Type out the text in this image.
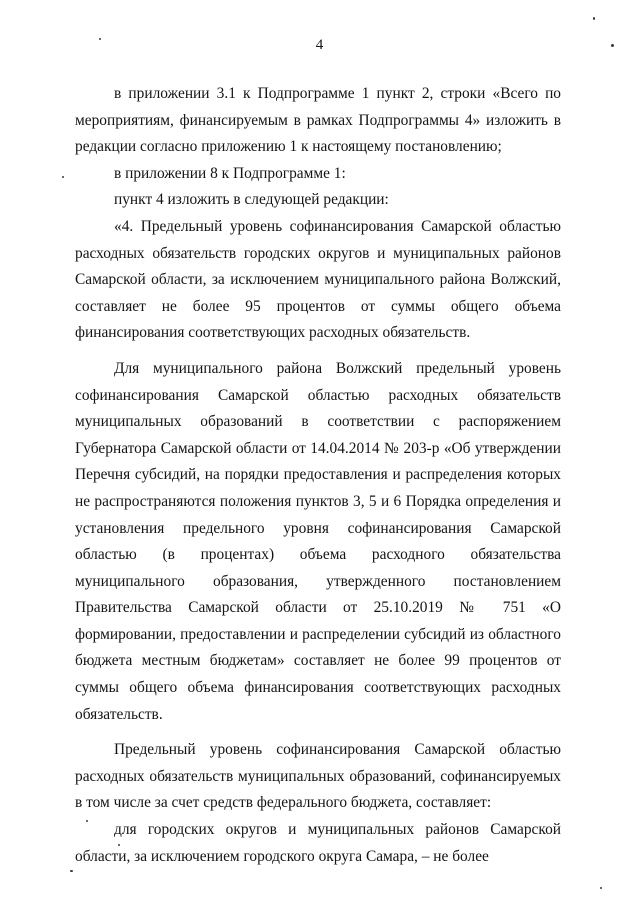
4

в приложении 3.1 к Подпрограмме 1 пункт 2, строки «Всего по мероприятиям, финансируемым в рамках Подпрограммы 4» изложить в редакции согласно приложению 1 к настоящему постановлению;

в приложении 8 к Подпрограмме 1:

пункт 4 изложить в следующей редакции:

«4. Предельный уровень софинансирования Самарской областью расходных обязательств городских округов и муниципальных районов Самарской области, за исключением муниципального района Волжский, составляет не более 95 процентов от суммы общего объема финансирования соответствующих расходных обязательств.

Для муниципального района Волжский предельный уровень софинансирования Самарской областью расходных обязательств муниципальных образований в соответствии с распоряжением Губернатора Самарской области от 14.04.2014 № 203-р «Об утверждении Перечня субсидий, на порядки предоставления и распределения которых не распространяются положения пунктов 3, 5 и 6 Порядка определения и установления предельного уровня софинансирования Самарской областью (в процентах) объема расходного обязательства муниципального образования, утвержденного постановлением Правительства Самарской области от 25.10.2019 № 751 «О формировании, предоставлении и распределении субсидий из областного бюджета местным бюджетам» составляет не более 99 процентов от суммы общего объема финансирования соответствующих расходных обязательств.

Предельный уровень софинансирования Самарской областью расходных обязательств муниципальных образований, софинансируемых в том числе за счет средств федерального бюджета, составляет:

для городских округов и муниципальных районов Самарской области, за исключением городского округа Самара, – не более
